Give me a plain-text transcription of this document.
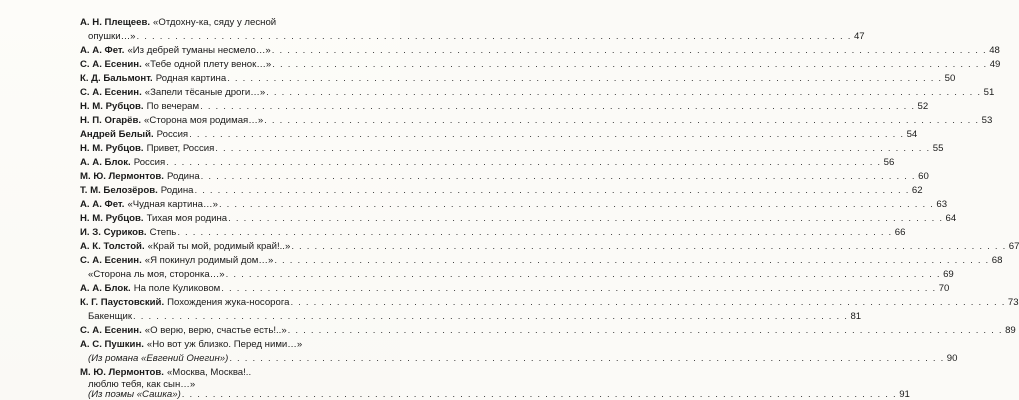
А. Н. Плещеев. «Отдохну-ка, сяду у лесной
опушки…» . . .	47
А. А. Фет. «Из дебрей туманы несмело…» . . .	48
С. А. Есенин. «Тебе одной плету венок…» . . .	49
К. Д. Бальмонт. Родная картина . . .	50
С. А. Есенин. «Запели тёсаные дроги…» . . .	51
Н. М. Рубцов. По вечерам . . .	52
Н. П. Огарёв. «Сторона моя родимая…» . . .	53
Андрей Белый. Россия . . .	54
Н. М. Рубцов. Привет, Россия . . .	55
А. А. Блок. Россия . . .	56
М. Ю. Лермонтов. Родина . . .	60
Т. М. Белозёров. Родина . . .	62
А. А. Фет. «Чудная картина…» . . .	63
Н. М. Рубцов. Тихая моя родина . . .	64
И. З. Суриков. Степь . . .	66
А. К. Толстой. «Край ты мой, родимый край!..» . . .	67
С. А. Есенин. «Я покинул родимый дом…» . . .	68
«Сторона ль моя, сторонка…» . . .	69
А. А. Блок. На поле Куликовом . . .	70
К. Г. Паустовский. Похождения жука-носорога . . .	73
Бакенщик . . .	81
С. А. Есенин. «О верю, верю, счастье есть!..» . . .	89
А. С. Пушкин. «Но вот уж близко. Перед ними…»
(Из романа «Евгений Онегин») . . .	90
М. Ю. Лермонтов. «Москва, Москва!..
люблю тебя, как сын…»
(Из поэмы «Сашка») . . .	91
